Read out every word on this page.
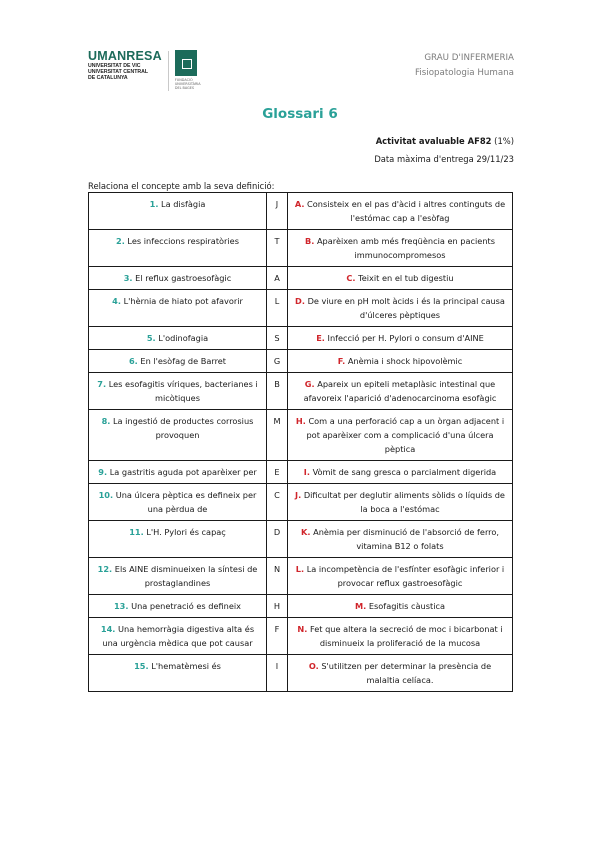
UMANRESA
UNIVERSITAT DE VIC
UNIVERSITAT CENTRAL
DE CATALUNYA	FUNDACIÓ UNIVERSITÀRIA DEL BAGES
GRAU D'INFERMERIA
Fisiopatologia Humana
Glossari 6
Activitat avaluable AF82 (1%)
Data màxima d'entrega 29/11/23
Relaciona el concepte amb la seva definició:
1. La disfàgia	J	A. Consisteix en el pas d'àcid i altres continguts de l'estómac cap a l'esòfag
2. Les infeccions respiratòries	T	B. Aparèixen amb més freqüència en pacients immunocompromesos
3. El reflux gastroesofàgic	A	C. Teixit en el tub digestiu
4. L'hèrnia de hiato pot afavorir	L	D. De viure en pH molt àcids i és la principal causa d'úlceres pèptiques
5. L'odinofagia	S	E. Infecció per H. Pylori o consum d'AINE
6. En l'esòfag de Barret	G	F. Anèmia i shock hipovolèmic
7. Les esofagitis víriques, bacterianes i micòtiques	B	G. Apareix un epiteli metaplàsic intestinal que afavoreix l'aparició d'adenocarcinoma esofàgic
8. La ingestió de productes corrosius provoquen	M	H. Com a una perforació cap a un òrgan adjacent i pot aparèixer com a complicació d'una úlcera pèptica
9. La gastritis aguda pot aparèixer per	E	I. Vòmit de sang gresca o parcialment digerida
10. Una úlcera pèptica es defineix per una pèrdua de	C	J. Dificultat per deglutir aliments sòlids o líquids de la boca a l'estómac
11. L'H. Pylori és capaç	D	K. Anèmia per disminució de l'absorció de ferro, vitamina B12 o folats
12. Els AINE disminueixen la síntesi de prostaglandines	N	L. La incompetència de l'esfínter esofàgic inferior i provocar reflux gastroesofàgic
13. Una penetració es defineix	H	M. Esofagitis càustica
14. Una hemorràgia digestiva alta és una urgència mèdica que pot causar	F	N. Fet que altera la secreció de moc i bicarbonat i disminueix la proliferació de la mucosa
15. L'hematèmesi és	I	O. S'utilitzen per determinar la presència de malaltia celíaca.
